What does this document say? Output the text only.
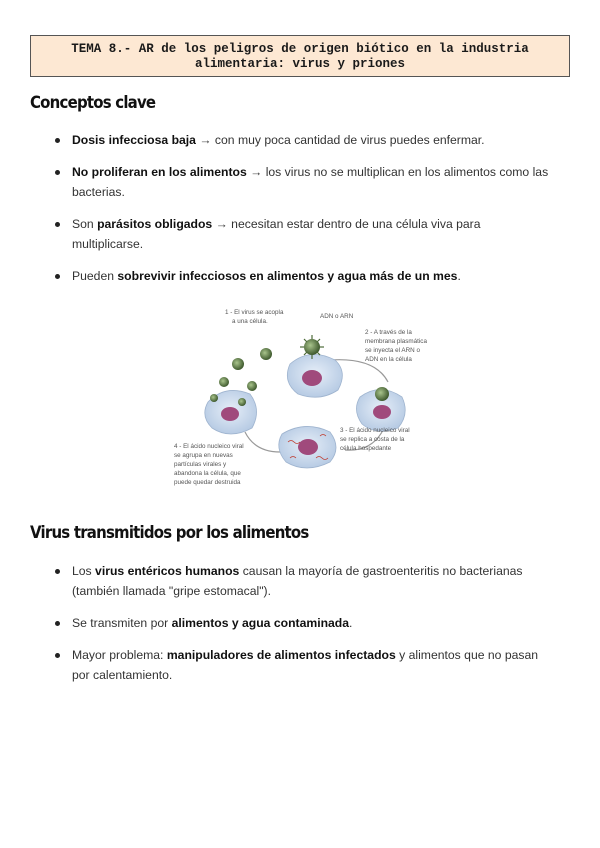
TEMA 8.- AR de los peligros de origen biótico en la industria
alimentaria: virus y priones
Conceptos clave
Dosis infecciosa baja → con muy poca cantidad de virus puedes enfermar.
No proliferan en los alimentos → los virus no se multiplican en los alimentos como las bacterias.
Son parásitos obligados → necesitan estar dentro de una célula viva para multiplicarse.
Pueden sobrevivir infecciosos en alimentos y agua más de un mes.
ADN o ARN
1 - El virus se acopla
a una célula.
2 - A través de la
membrana plasmática
se inyecta el ARN o
ADN en la célula
3 - El ácido nucleico viral
se replica a costa de la
célula hospedante
4 - El ácido nucleico viral
se agrupa en nuevas
partículas virales y
abandona la célula, que
puede quedar destruida
Virus transmitidos por los alimentos
Los virus entéricos humanos causan la mayoría de gastroenteritis no bacterianas (también llamada "gripe estomacal").
Se transmiten por alimentos y agua contaminada.
Mayor problema: manipuladores de alimentos infectados y alimentos que no pasan por calentamiento.
